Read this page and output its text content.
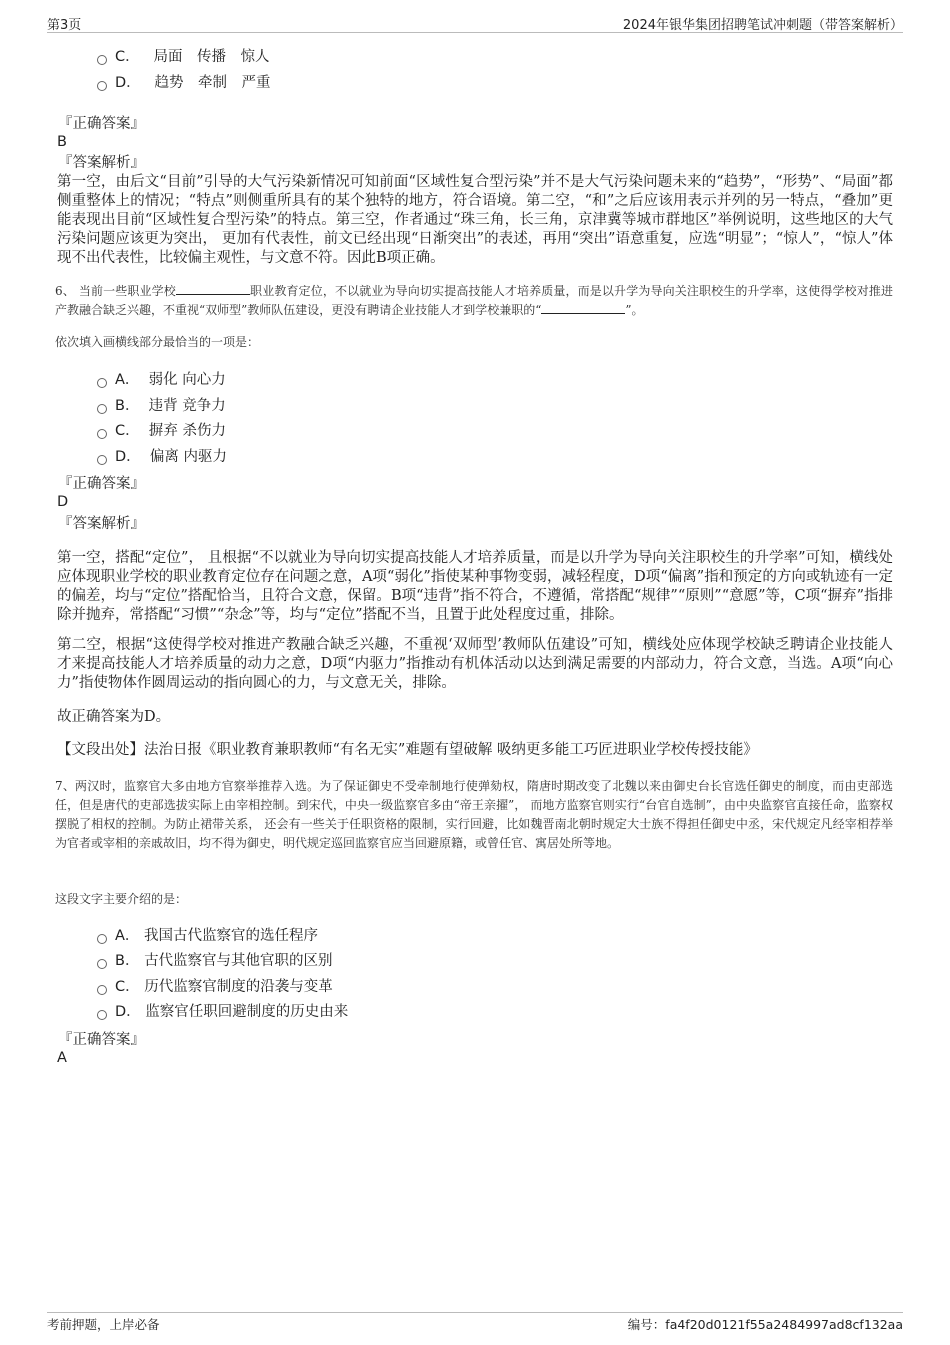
第3页	2024年银华集团招聘笔试冲刺题（带答案解析）
C． 局面　传播　惊人
D． 趋势　牵制　严重
『正确答案』
B
『答案解析』
第一空，由后文“目前”引导的大气污染新情况可知前面“区域性复合型污染”并不是大气污染问题未来的“趋势”，“形势”、“局面”都侧重整体上的情况；“特点”则侧重所具有的某个独特的地方，符合语境。第二空，“和”之后应该用表示并列的另一特点，“叠加”更能表现出目前“区域性复合型污染”的特点。第三空，作者通过“珠三角，长三角，京津冀等城市群地区”举例说明，这些地区的大气污染问题应该更为突出， 更加有代表性，前文已经出现“日渐突出”的表述，再用“突出”语意重复，应选“明显”；“惊人”，“惊人”体现不出代表性，比较偏主观性，与文意不符。因此B项正确。
6、 当前一些职业学校	职业教育定位，不以就业为导向切实提高技能人才培养质量，而是以升学为导向关注职校生的升学率，这使得学校对推进产教融合缺乏兴趣，不重视“双师型”教师队伍建设，更没有聘请企业技能人才到学校兼职的“	”。
依次填入画横线部分最恰当的一项是：
A． 弱化 向心力
B． 违背 竞争力
C． 摒弃 杀伤力
D． 偏离 内驱力
『正确答案』
D
『答案解析』
第一空，搭配“定位”， 且根据“不以就业为导向切实提高技能人才培养质量，而是以升学为导向关注职校生的升学率”可知，横线处应体现职业学校的职业教育定位存在问题之意，A项“弱化”指使某种事物变弱，减轻程度，D项“偏离”指和预定的方向或轨迹有一定的偏差，均与“定位”搭配恰当，且符合文意，保留。B项“违背”指不符合，不遵循，常搭配“规律”“原则”“意愿”等，C项“摒弃”指排除并抛弃，常搭配“习惯”“杂念”等，均与“定位”搭配不当，且置于此处程度过重，排除。
第二空，根据“这使得学校对推进产教融合缺乏兴趣，不重视‘双师型’教师队伍建设”可知，横线处应体现学校缺乏聘请企业技能人才来提高技能人才培养质量的动力之意，D项“内驱力”指推动有机体活动以达到满足需要的内部动力，符合文意，当选。A项“向心力”指使物体作圆周运动的指向圆心的力，与文意无关，排除。
故正确答案为D。
【文段出处】法治日报《职业教育兼职教师“有名无实”难题有望破解 吸纳更多能工巧匠进职业学校传授技能》
7、两汉时，监察官大多由地方官察举推荐入选。为了保证御史不受牵制地行使弹劾权，隋唐时期改变了北魏以来由御史台长官选任御史的制度，而由吏部选任，但是唐代的吏部选拔实际上由宰相控制。到宋代，中央一级监察官多由“帝王亲擢”， 而地方监察官则实行“台官自选制”，由中央监察官直接任命，监察权摆脱了相权的控制。为防止裙带关系， 还会有一些关于任职资格的限制，实行回避，比如魏晋南北朝时规定大士族不得担任御史中丞，宋代规定凡经宰相荐举为官者或宰相的亲戚故旧，均不得为御史，明代规定巡回监察官应当回避原籍，或曾任官、寓居处所等地。
这段文字主要介绍的是：
A． 我国古代监察官的选任程序
B． 古代监察官与其他官职的区别
C． 历代监察官制度的沿袭与变革
D． 监察官任职回避制度的历史由来
『正确答案』
A
考前押题，上岸必备	编号：fa4f20d0121f55a2484997ad8cf132aa
